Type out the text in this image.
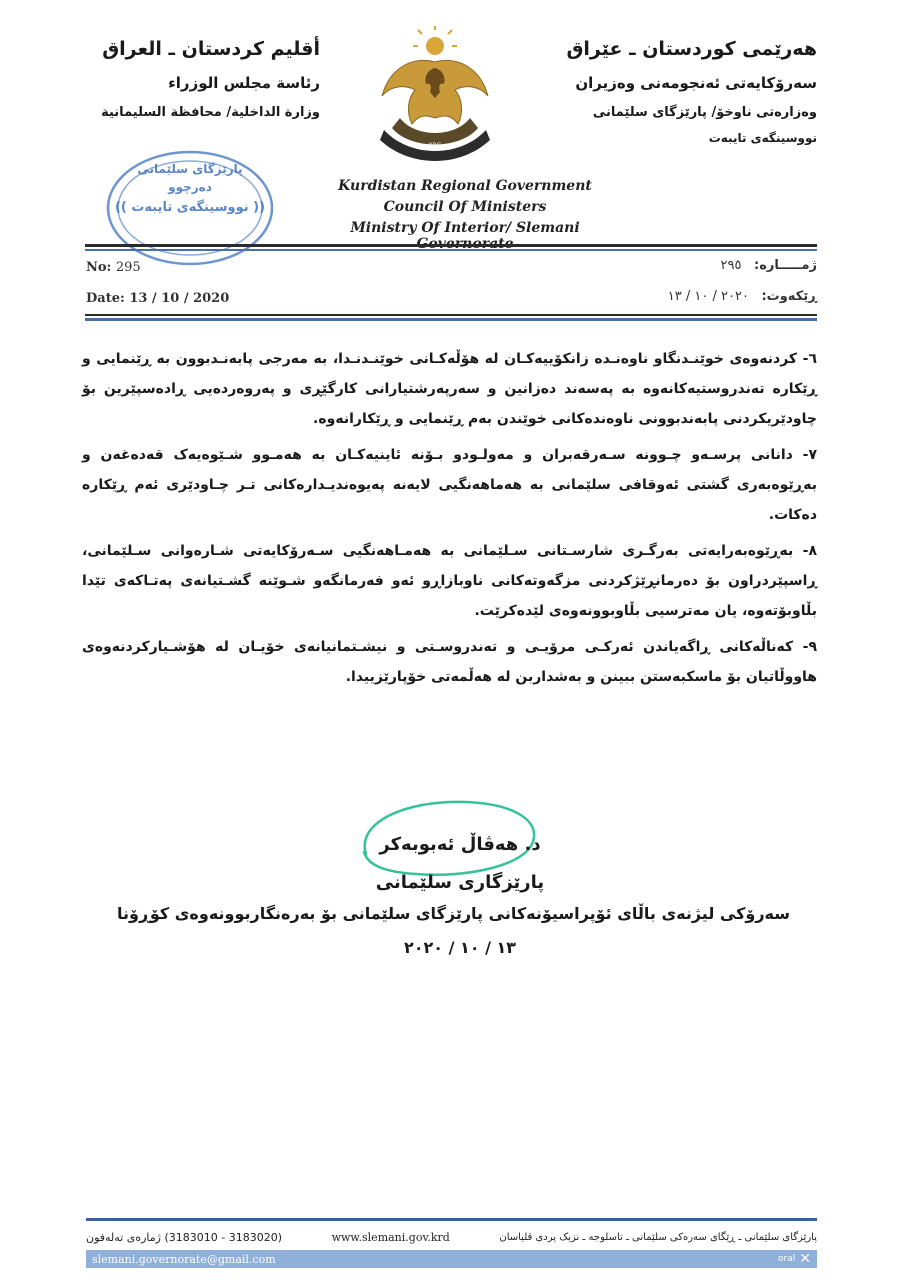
هەرێمی کوردستان ـ عێراق
سەرۆکایەتی ئەنجومەنی وەزیران
وەزارەتی ناوخۆ/ پارێزگای سلێمانی
نووسینگەی تایبەت
أقليم كردستان ـ العراق
رئاسة مجلس الوزراء
وزارة الداخلية/ محافظة السليمانية
KRG
Kurdistan Regional Government
Council Of Ministers
Ministry Of Interior/ Slemani
پارێزگای سلێمانی
دەرچوو
(( نووسینگەی تایبەت ))
No: 295
Date: 13 / 10 / 2020
ژمـــــارە: ٢٩٥
ڕێکەوت: ٢٠٢٠ / ١٠ / ١٣

٦- کردنەوەی خوێنـدنگاو ناوەنـدە زانکۆییەکـان لە هۆڵەکـانی خوێنـدنـدا، بە مەرجی پابەنـدبوون بە ڕێنمایی و ڕێکارە تەندروستیەکانەوە بە پەسەند دەزانین و سەرپەرشتیارانی کارگێڕی و پەروەردەیی ڕادەسپێرین بۆ چاودێریکردنی پابەندبوونی ناوەندەکانی خوێندن بەم ڕێنمایی و ڕێکارانەوە.

٧- دانانی پرسـەو چـوونە سـەرقەبران و مەولـودو بـۆنە ئاینیەکـان بە هەمـوو شـێوەیەک قەدەغەن و بەڕێوەبەری گشتی ئەوقافی سلێمانی بە هەماهەنگیی لایەنە پەیوەندیـدارەکانی تـر چـاودێری ئەم ڕێکارە دەکات.

٨- بەڕێوەبەرایەتی بەرگـری شارسـتانی سـلێمانی بە هەمـاهەنگیی سـەرۆکایەتی شـارەوانی سـلێمانی، ڕاسپێردراون بۆ دەرمانڕێژکردنی مزگەوتەکانی ناوبازاڕو ئەو فەرمانگەو شـوێنە گشـتیانەی پەتـاکەی تێدا بڵاوبۆتەوە، یان مەترسیی بڵاوبوونەوەی لێدەکرێت.

٩- کەناڵەکانی ڕاگەیاندن ئەرکـی مرۆیـی و تەندروسـتی و نیشـتمانیانەی خۆیـان لە هۆشـیارکردنەوەی هاووڵاتیان بۆ ماسکبەستن ببینن و بەشداربن لە هەڵمەتی خۆپارێزییدا.

د. هەڤاڵ ئەبوبەکر
پارێزگاری سلێمانی
سەرۆکی لیژنەی باڵای ئۆپراسیۆنەکانی پارێزگای سلێمانی بۆ بەرەنگاربوونەوەی کۆڕۆنا
١٣ / ١٠ / ٢٠٢٠
(3183020 - 3183010) ژمارەی تەلەفون	www.slemani.gov.krd	پارێزگای سلێمانی ـ ڕێگای سەرەکی سلێمانی ـ تاسلوجە ـ نزیک پردی قلیاسان
slemani.governorate@gmail.com	oral ✕
